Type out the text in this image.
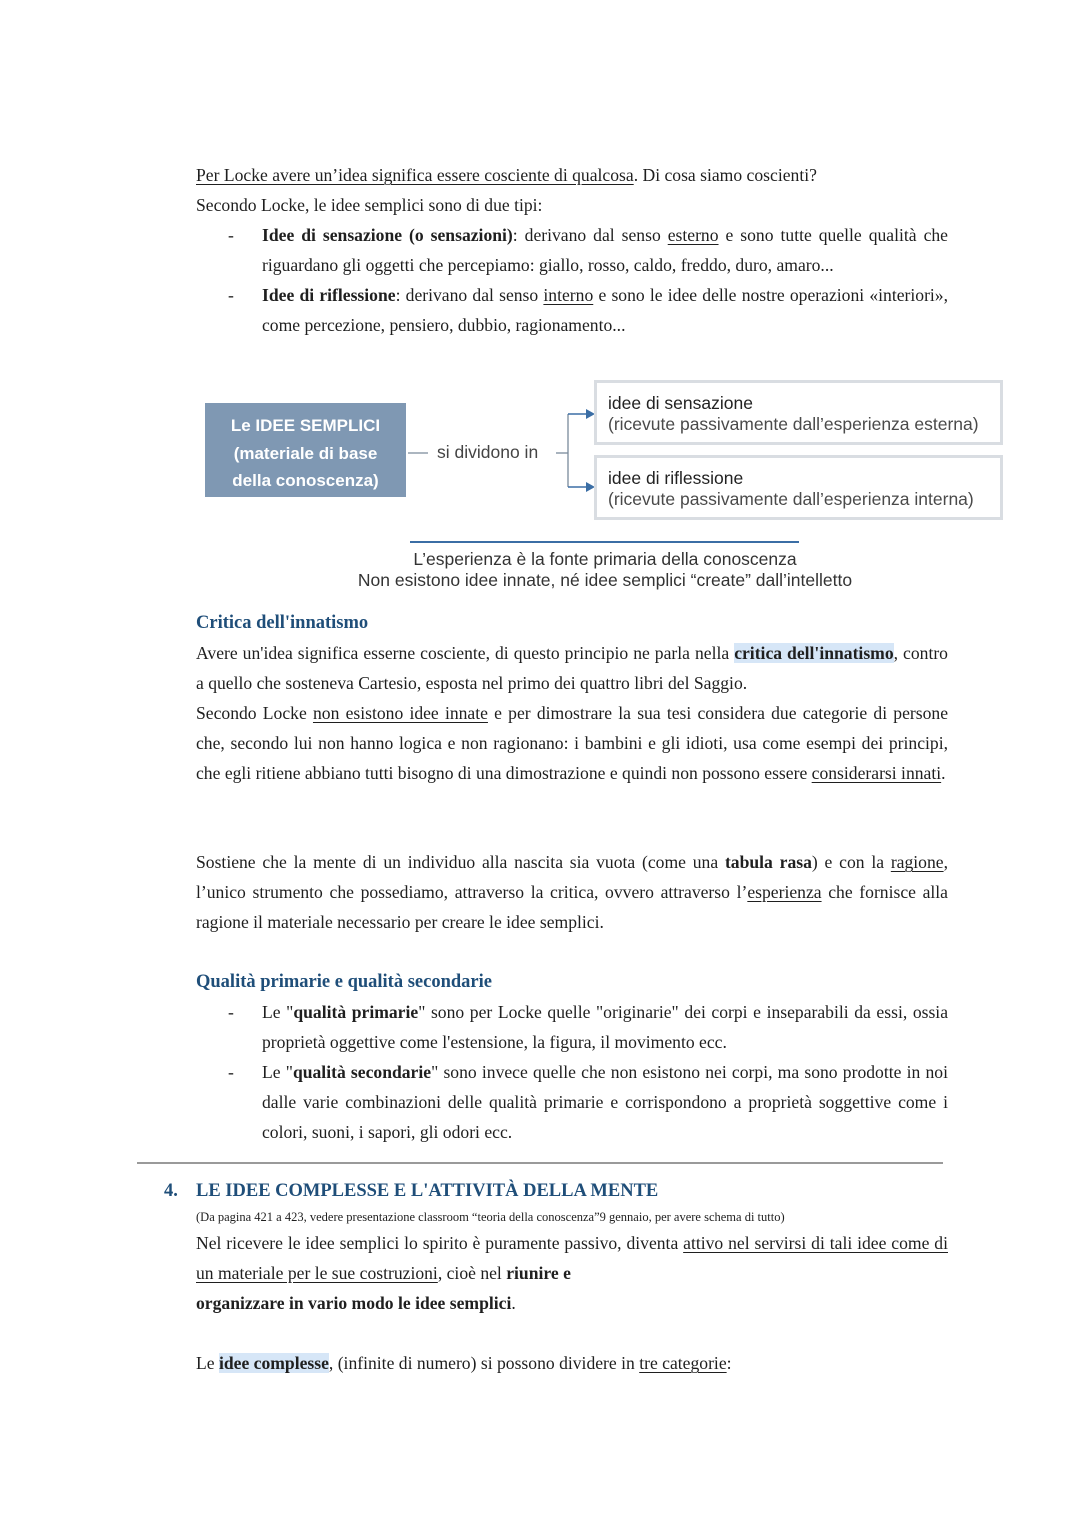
Per Locke avere un’idea significa essere cosciente di qualcosa. Di cosa siamo coscienti?

Secondo Locke, le idee semplici sono di due tipi:

- Idee di sensazione (o sensazioni): derivano dal senso esterno e sono tutte quelle qualità che riguardano gli oggetti che percepiamo: giallo, rosso, caldo, freddo, duro, amaro...

- Idee di riflessione: derivano dal senso interno e sono le idee delle nostre operazioni «interiori», come percezione, pensiero, dubbio, ragionamento...

Le IDEE SEMPLICI
(materiale di base
della conoscenza)
si dividono in
idee di sensazione
(ricevute passivamente dall’esperienza esterna)
idee di riflessione
(ricevute passivamente dall’esperienza interna)
L’esperienza è la fonte primaria della conoscenza
Non esistono idee innate, né idee semplici “create” dall’intelletto

Critica dell'innatismo

Avere un'idea significa esserne cosciente, di questo principio ne parla nella critica dell'innatismo, contro a quello che sosteneva Cartesio, esposta nel primo dei quattro libri del Saggio.

Secondo Locke non esistono idee innate e per dimostrare la sua tesi considera due categorie di persone che, secondo lui non hanno logica e non ragionano: i bambini e gli idioti, usa come esempi dei principi, che egli ritiene abbiano tutti bisogno di una dimostrazione e quindi non possono essere considerarsi innati.

Sostiene che la mente di un individuo alla nascita sia vuota (come una tabula rasa) e con la ragione, l’unico strumento che possediamo, attraverso la critica, ovvero attraverso l’esperienza che fornisce alla ragione il materiale necessario per creare le idee semplici.

Qualità primarie e qualità secondarie

- Le "qualità primarie" sono per Locke quelle "originarie" dei corpi e inseparabili da essi, ossia proprietà oggettive come l'estensione, la figura, il movimento ecc.

- Le "qualità secondarie" sono invece quelle che non esistono nei corpi, ma sono prodotte in noi dalle varie combinazioni delle qualità primarie e corrispondono a proprietà soggettive come i colori, suoni, i sapori, gli odori ecc.

4. LE IDEE COMPLESSE E L'ATTIVITÀ DELLA MENTE

(Da pagina 421 a 423, vedere presentazione classroom “teoria della conoscenza”9 gennaio, per avere schema di tutto)

Nel ricevere le idee semplici lo spirito è puramente passivo, diventa attivo nel servirsi di tali idee come di un materiale per le sue costruzioni, cioè nel riunire e
organizzare in vario modo le idee semplici.

Le idee complesse, (infinite di numero) si possono dividere in tre categorie:
